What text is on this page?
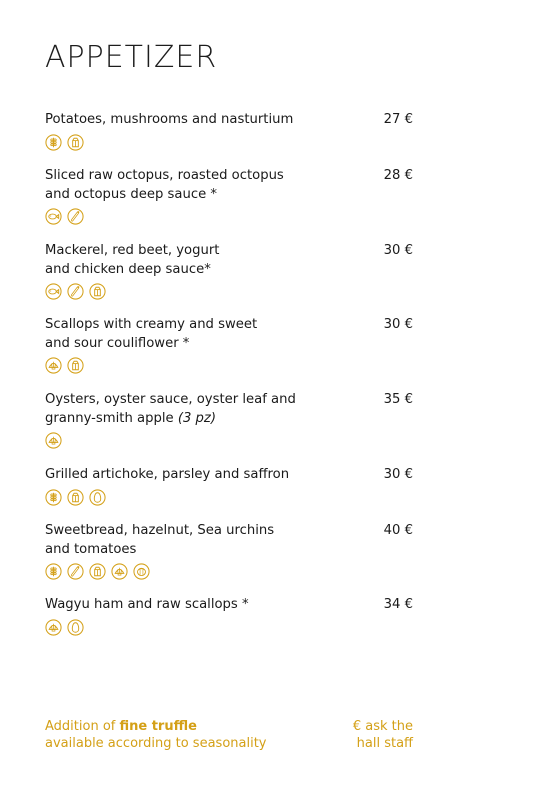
APPETIZER
Potatoes, mushrooms and nasturtium	27 €
Sliced raw octopus, roasted octopus
and octopus deep sauce *
28 €
Mackerel, red beet, yogurt
and chicken deep sauce*
30 €
Scallops with creamy and sweet
and sour couliflower *
30 €
Oysters, oyster sauce, oyster leaf and
granny-smith apple (3 pz)
35 €
Grilled artichoke, parsley and saffron	30 €
Sweetbread, hazelnut, Sea urchins
and tomatoes
40 €
Wagyu ham and raw scallops *	34 €
Addition of fine truffle
available according to seasonality
€ ask the
hall staff
